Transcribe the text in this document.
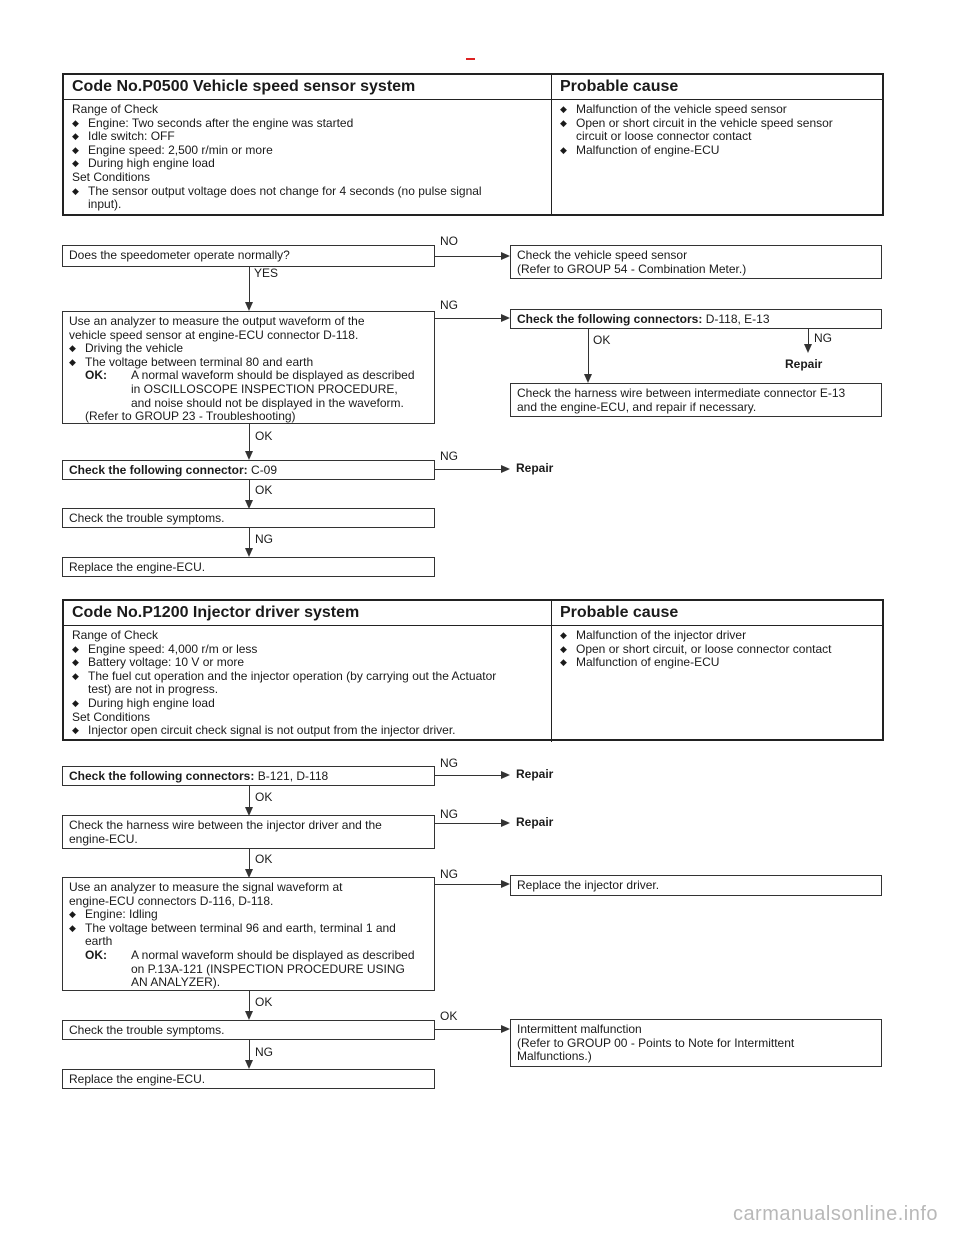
Code No.P0500 Vehicle speed sensor system	Probable cause
Range of Check
◆ Engine: Two seconds after the engine was started
◆ Idle switch: OFF
◆ Engine speed: 2,500 r/min or more
◆ During high engine load
Set Conditions
◆ The sensor output voltage does not change for 4 seconds (no pulse signal
input).
◆ Malfunction of the vehicle speed sensor
◆ Open or short circuit in the vehicle speed sensor
circuit or loose connector contact
◆ Malfunction of engine-ECU
Does the speedometer operate normally?
NO
Check the vehicle speed sensor
(Refer to GROUP 54 - Combination Meter.)
YES
Use an analyzer to measure the output waveform of the
vehicle speed sensor at engine-ECU connector D-118.
◆ Driving the vehicle
◆ The voltage between terminal 80 and earth
OK:	A normal waveform should be displayed as described
in OSCILLOSCOPE INSPECTION PROCEDURE,
and noise should not be displayed in the waveform.
(Refer to GROUP 23 - Troubleshooting)
NG
Check the following connectors: D-118, E-13
OK	NG
Repair
Check the harness wire between intermediate connector E-13
and the engine-ECU, and repair if necessary.
OK
Check the following connector: C-09
NG
Repair
OK
Check the trouble symptoms.
NG
Replace the engine-ECU.
Code No.P1200 Injector driver system	Probable cause
Range of Check
◆ Engine speed: 4,000 r/m or less
◆ Battery voltage: 10 V or more
◆ The fuel cut operation and the injector operation (by carrying out the Actuator
test) are not in progress.
◆ During high engine load
Set Conditions
◆ Injector open circuit check signal is not output from the injector driver.
◆ Malfunction of the injector driver
◆ Open or short circuit, or loose connector contact
◆ Malfunction of engine-ECU
Check the following connectors: B-121, D-118
NG
Repair
OK
Check the harness wire between the injector driver and the
engine-ECU.
NG
Repair
OK
Use an analyzer to measure the signal waveform at
engine-ECU connectors D-116, D-118.
◆ Engine: Idling
◆ The voltage between terminal 96 and earth, terminal 1 and
earth
OK:	A normal waveform should be displayed as described
on P.13A-121 (INSPECTION PROCEDURE USING
AN ANALYZER).
NG
Replace the injector driver.
OK
Check the trouble symptoms.
OK
Intermittent malfunction
(Refer to GROUP 00 - Points to Note for Intermittent
Malfunctions.)
NG
Replace the engine-ECU.
carmanualsonline.info
